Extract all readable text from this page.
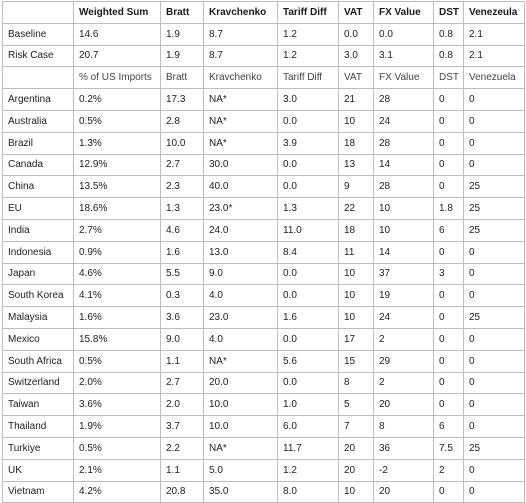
	Weighted Sum	Bratt	Kravchenko	Tariff Diff	VAT	FX Value	DST	Venezeula
Baseline	14.6	1.9	8.7	1.2	0.0	0.0	0.8	2.1
Risk Case	20.7	1.9	8.7	1.2	3.0	3.1	0.8	2.1
	% of US Imports	Bratt	Kravchenko	Tariff Diff	VAT	FX Value	DST	Venezuela
Argentina	0.2%	17.3	NA*	3.0	21	28	0	0
Australia	0.5%	2.8	NA*	0.0	10	24	0	0
Brazil	1.3%	10.0	NA*	3.9	18	28	0	0
Canada	12.9%	2.7	30.0	0.0	13	14	0	0
China	13.5%	2.3	40.0	0.0	9	28	0	25
EU	18.6%	1.3	23.0*	1.3	22	10	1.8	25
India	2.7%	4.6	24.0	11.0	18	10	6	25
Indonesia	0.9%	1.6	13.0	8.4	11	14	0	0
Japan	4.6%	5.5	9.0	0.0	10	37	3	0
South Korea	4.1%	0.3	4.0	0.0	10	19	0	0
Malaysia	1.6%	3.6	23.0	1.6	10	24	0	25
Mexico	15.8%	9.0	4.0	0.0	17	2	0	0
South Africa	0.5%	1.1	NA*	5.6	15	29	0	0
Switzerland	2.0%	2.7	20.0	0.0	8	2	0	0
Taiwan	3.6%	2.0	10.0	1.0	5	20	0	0
Thailand	1.9%	3.7	10.0	6.0	7	8	6	0
Turkiye	0.5%	2.2	NA*	11.7	20	36	7.5	25
UK	2.1%	1.1	5.0	1.2	20	-2	2	0
Vietnam	4.2%	20.8	35.0	8.0	10	20	0	0
